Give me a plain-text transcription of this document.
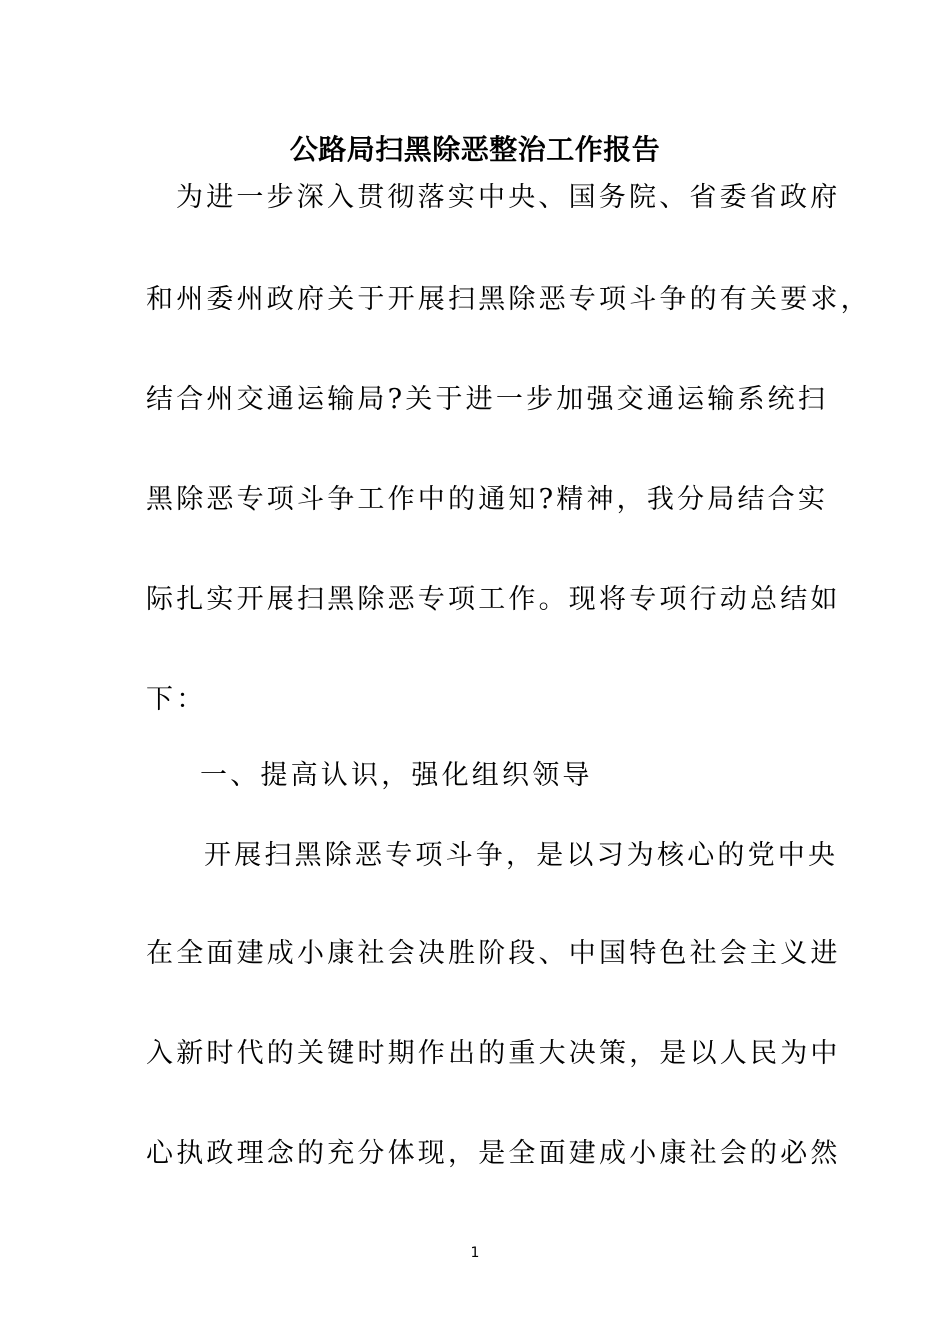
公路局扫黑除恶整治工作报告
为进一步深入贯彻落实中央、国务院、省委省政府
和州委州政府关于开展扫黑除恶专项斗争的有关要求，
结合州交通运输局?关于进一步加强交通运输系统扫
黑除恶专项斗争工作中的通知?精神，我分局结合实
际扎实开展扫黑除恶专项工作。现将专项行动总结如
下：
一、提高认识，强化组织领导
开展扫黑除恶专项斗争，是以习为核心的党中央
在全面建成小康社会决胜阶段、中国特色社会主义进
入新时代的关键时期作出的重大决策，是以人民为中
心执政理念的充分体现，是全面建成小康社会的必然
1
